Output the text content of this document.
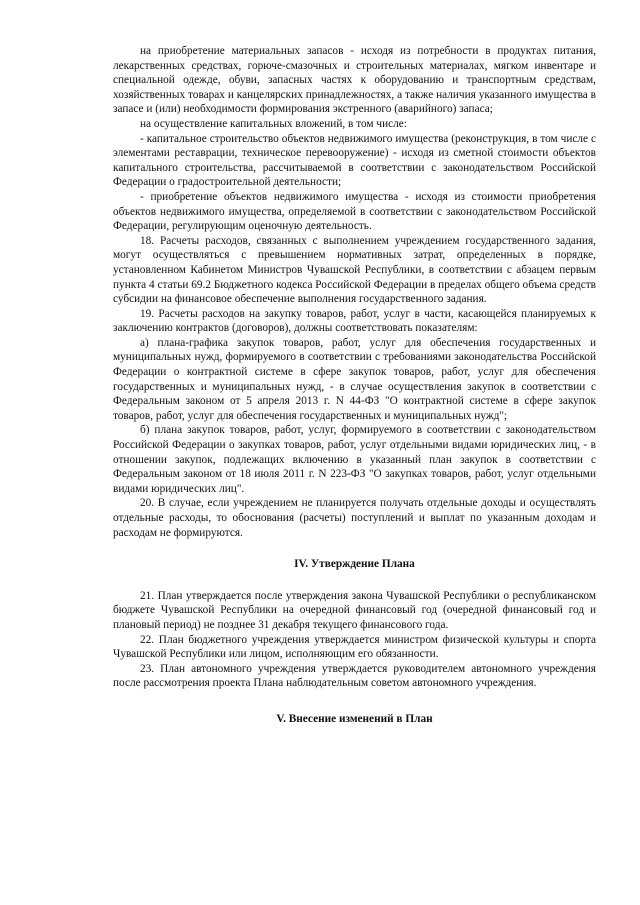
на приобретение материальных запасов - исходя из потребности в продуктах питания, лекарственных средствах, горюче-смазочных и строительных материалах, мягком инвентаре и специальной одежде, обуви, запасных частях к оборудованию и транспортным средствам, хозяйственных товарах и канцелярских принадлежностях, а также наличия указанного имущества в запасе и (или) необходимости формирования экстренного (аварийного) запаса;

на осуществление капитальных вложений, в том числе:

- капитальное строительство объектов недвижимого имущества (реконструкция, в том числе с элементами реставрации, техническое перевооружение) - исходя из сметной стоимости объектов капитального строительства, рассчитываемой в соответствии с законодательством Российской Федерации о градостроительной деятельности;

- приобретение объектов недвижимого имущества - исходя из стоимости приобретения объектов недвижимого имущества, определяемой в соответствии с законодательством Российской Федерации, регулирующим оценочную деятельность.

18. Расчеты расходов, связанных с выполнением учреждением государственного задания, могут осуществляться с превышением нормативных затрат, определенных в порядке, установленном Кабинетом Министров Чувашской Республики, в соответствии с абзацем первым пункта 4 статьи 69.2 Бюджетного кодекса Российской Федерации в пределах общего объема средств субсидии на финансовое обеспечение выполнения государственного задания.

19. Расчеты расходов на закупку товаров, работ, услуг в части, касающейся планируемых к заключению контрактов (договоров), должны соответствовать показателям:

а) плана-графика закупок товаров, работ, услуг для обеспечения государственных и муниципальных нужд, формируемого в соответствии с требованиями законодательства Российской Федерации о контрактной системе в сфере закупок товаров, работ, услуг для обеспечения государственных и муниципальных нужд, - в случае осуществления закупок в соответствии с Федеральным законом от 5 апреля 2013 г. N 44-ФЗ "О контрактной системе в сфере закупок товаров, работ, услуг для обеспечения государственных и муниципальных нужд";

б) плана закупок товаров, работ, услуг, формируемого в соответствии с законодательством Российской Федерации о закупках товаров, работ, услуг отдельными видами юридических лиц, - в отношении закупок, подлежащих включению в указанный план закупок в соответствии с Федеральным законом от 18 июля 2011 г. N 223-ФЗ "О закупках товаров, работ, услуг отдельными видами юридических лиц".

20. В случае, если учреждением не планируется получать отдельные доходы и осуществлять отдельные расходы, то обоснования (расчеты) поступлений и выплат по указанным доходам и расходам не формируются.

IV. Утверждение Плана

21. План утверждается после утверждения закона Чувашской Республики о республиканском бюджете Чувашской Республики на очередной финансовый год (очередной финансовый год и плановый период) не позднее 31 декабря текущего финансового года.

22. План бюджетного учреждения утверждается министром физической культуры и спорта Чувашской Республики или лицом, исполняющим его обязанности.

23. План автономного учреждения утверждается руководителем автономного учреждения после рассмотрения проекта Плана наблюдательным советом автономного учреждения.

V. Внесение изменений в План
